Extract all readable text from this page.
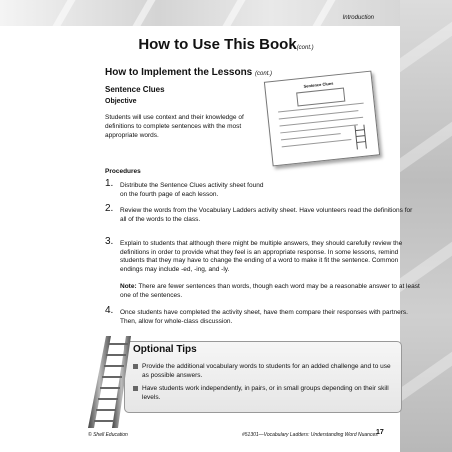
Introduction
How to Use This Book(cont.)
How to Implement the Lessons (cont.)
Sentence Clues
Objective
Students will use context and their knowledge of definitions to complete sentences with the most appropriate words.
Procedures
1. Distribute the Sentence Clues activity sheet found on the fourth page of each lesson.
2. Review the words from the Vocabulary Ladders activity sheet. Have volunteers read the definitions for all of the words to the class.
3. Explain to students that although there might be multiple answers, they should carefully review the definitions in order to provide what they feel is an appropriate response. In some lessons, remind students that they may have to change the ending of a word to make it fit the sentence. Common endings may include -ed, -ing, and -ly.
Note: There are fewer sentences than words, though each word may be a reasonable answer to at least one of the sentences.
4. Once students have completed the activity sheet, have them compare their responses with partners. Then, allow for whole-class discussion.
Sentence Clues
Optional Tips
Provide the additional vocabulary words to students for an added challenge and to use as possible answers.
Have students work independently, in pairs, or in small groups depending on their skill levels.
© Shell Education	#51301—Vocabulary Ladders: Understanding Word Nuances
17
